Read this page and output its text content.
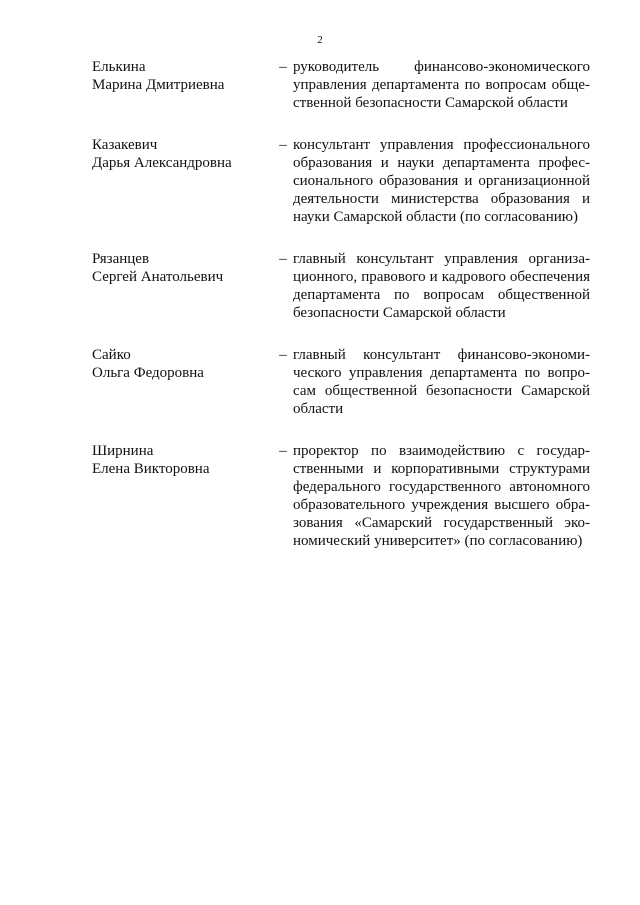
2
Елькина
Марина Дмитриевна
– руководитель финансово-экономического управления департамента по вопросам общественной безопасности Самарской области
Казакевич
Дарья Александровна
– консультант управления профессионального образования и науки департамента профессионального образования и организационной деятельности министерства образования и науки Самарской области (по согласованию)
Рязанцев
Сергей Анатольевич
– главный консультант управления организационного, правового и кадрового обеспечения департамента по вопросам общественной безопасности Самарской области
Сайко
Ольга Федоровна
– главный консультант финансово-экономического управления департамента по вопросам общественной безопасности Самарской области
Ширнина
Елена Викторовна
– проректор по взаимодействию с государственными и корпоративными структурами федерального государственного автономного образовательного учреждения высшего образования «Самарский государственный экономический университет» (по согласованию)
